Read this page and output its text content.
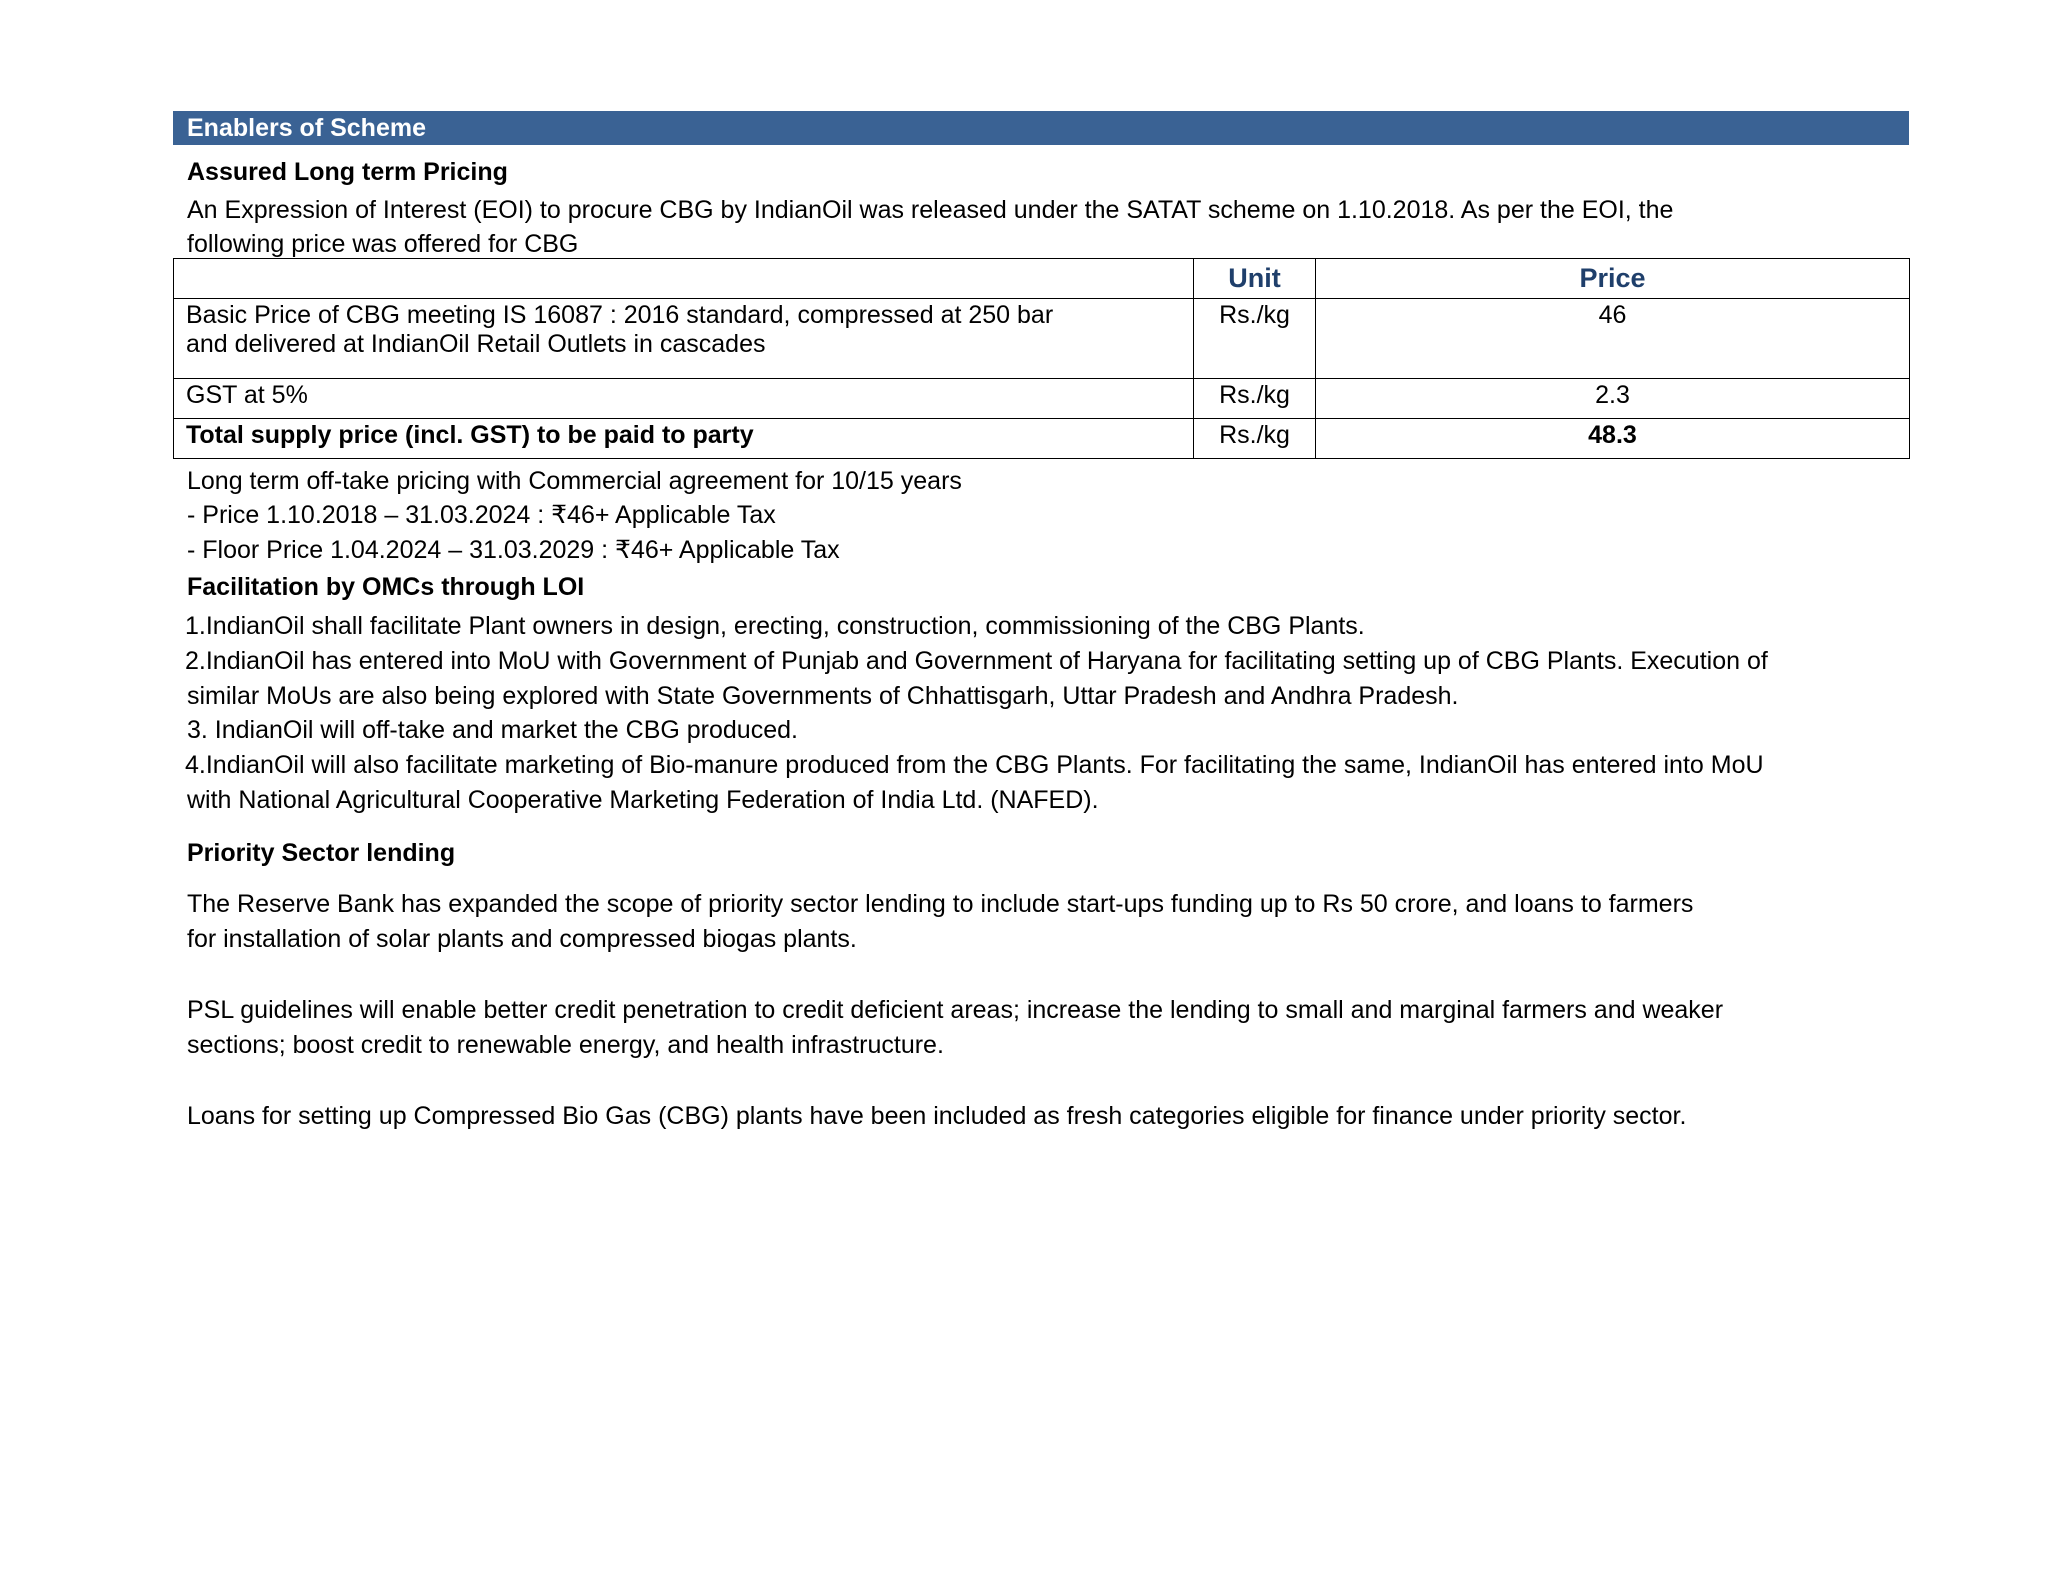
Enablers of Scheme
Assured Long term Pricing
An Expression of Interest (EOI) to procure CBG by IndianOil was released under the SATAT scheme on 1.10.2018. As per the EOI, the
following price was offered for CBG
	Unit	Price

Basic Price of CBG meeting IS 16087 : 2016 standard, compressed at 250 bar
and delivered at IndianOil Retail Outlets in cascades	Rs./kg	46
GST at 5%	Rs./kg	2.3
Total supply price (incl. GST) to be paid to party	Rs./kg	48.3
Long term off-take pricing with Commercial agreement for 10/15 years
- Price 1.10.2018 – 31.03.2024 : ₹46+ Applicable Tax
- Floor Price 1.04.2024 – 31.03.2029 : ₹46+ Applicable Tax
Facilitation by OMCs through LOI
1.IndianOil shall facilitate Plant owners in design, erecting, construction, commissioning of the CBG Plants.
2.IndianOil has entered into MoU with Government of Punjab and Government of Haryana for facilitating setting up of CBG Plants. Execution of
similar MoUs are also being explored with State Governments of Chhattisgarh, Uttar Pradesh and Andhra Pradesh.
3. IndianOil will off-take and market the CBG produced.
4.IndianOil will also facilitate marketing of Bio-manure produced from the CBG Plants. For facilitating the same, IndianOil has entered into MoU
with National Agricultural Cooperative Marketing Federation of India Ltd. (NAFED).
Priority Sector lending
The Reserve Bank has expanded the scope of priority sector lending to include start-ups funding up to Rs 50 crore, and loans to farmers
for installation of solar plants and compressed biogas plants.
PSL guidelines will enable better credit penetration to credit deficient areas; increase the lending to small and marginal farmers and weaker
sections; boost credit to renewable energy, and health infrastructure.
Loans for setting up Compressed Bio Gas (CBG) plants have been included as fresh categories eligible for finance under priority sector.
